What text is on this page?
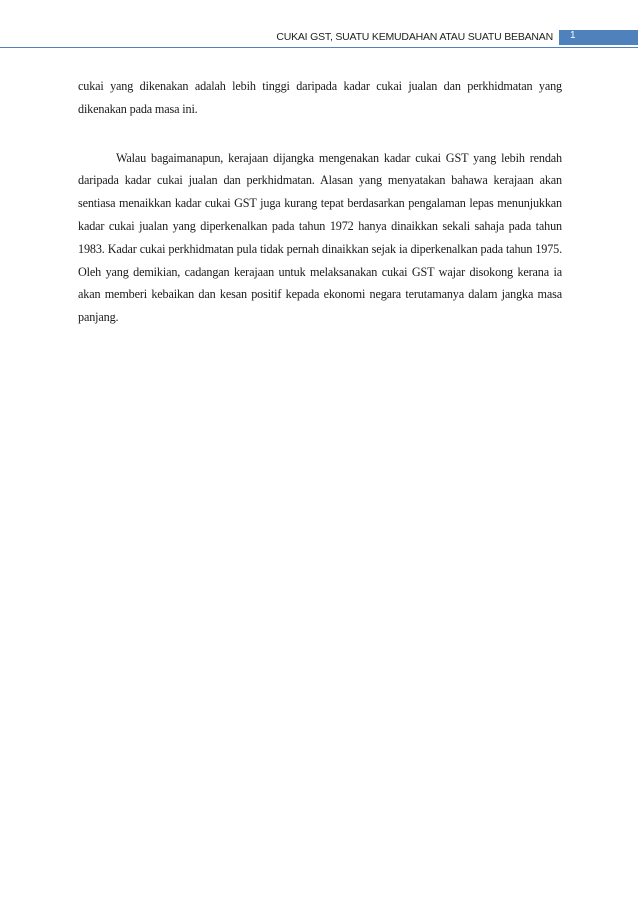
CUKAI GST, SUATU KEMUDAHAN ATAU SUATU BEBANAN 1

cukai yang dikenakan adalah lebih tinggi daripada kadar cukai jualan dan perkhidmatan yang dikenakan pada masa ini.

Walau bagaimanapun, kerajaan dijangka mengenakan kadar cukai GST yang lebih rendah daripada kadar cukai jualan dan perkhidmatan. Alasan yang menyatakan bahawa kerajaan akan sentiasa menaikkan kadar cukai GST juga kurang tepat berdasarkan pengalaman lepas menunjukkan kadar cukai jualan yang diperkenalkan pada tahun 1972 hanya dinaikkan sekali sahaja pada tahun 1983. Kadar cukai perkhidmatan pula tidak pernah dinaikkan sejak ia diperkenalkan pada tahun 1975. Oleh yang demikian, cadangan kerajaan untuk melaksanakan cukai GST wajar disokong kerana ia akan memberi kebaikan dan kesan positif kepada ekonomi negara terutamanya dalam jangka masa panjang.
